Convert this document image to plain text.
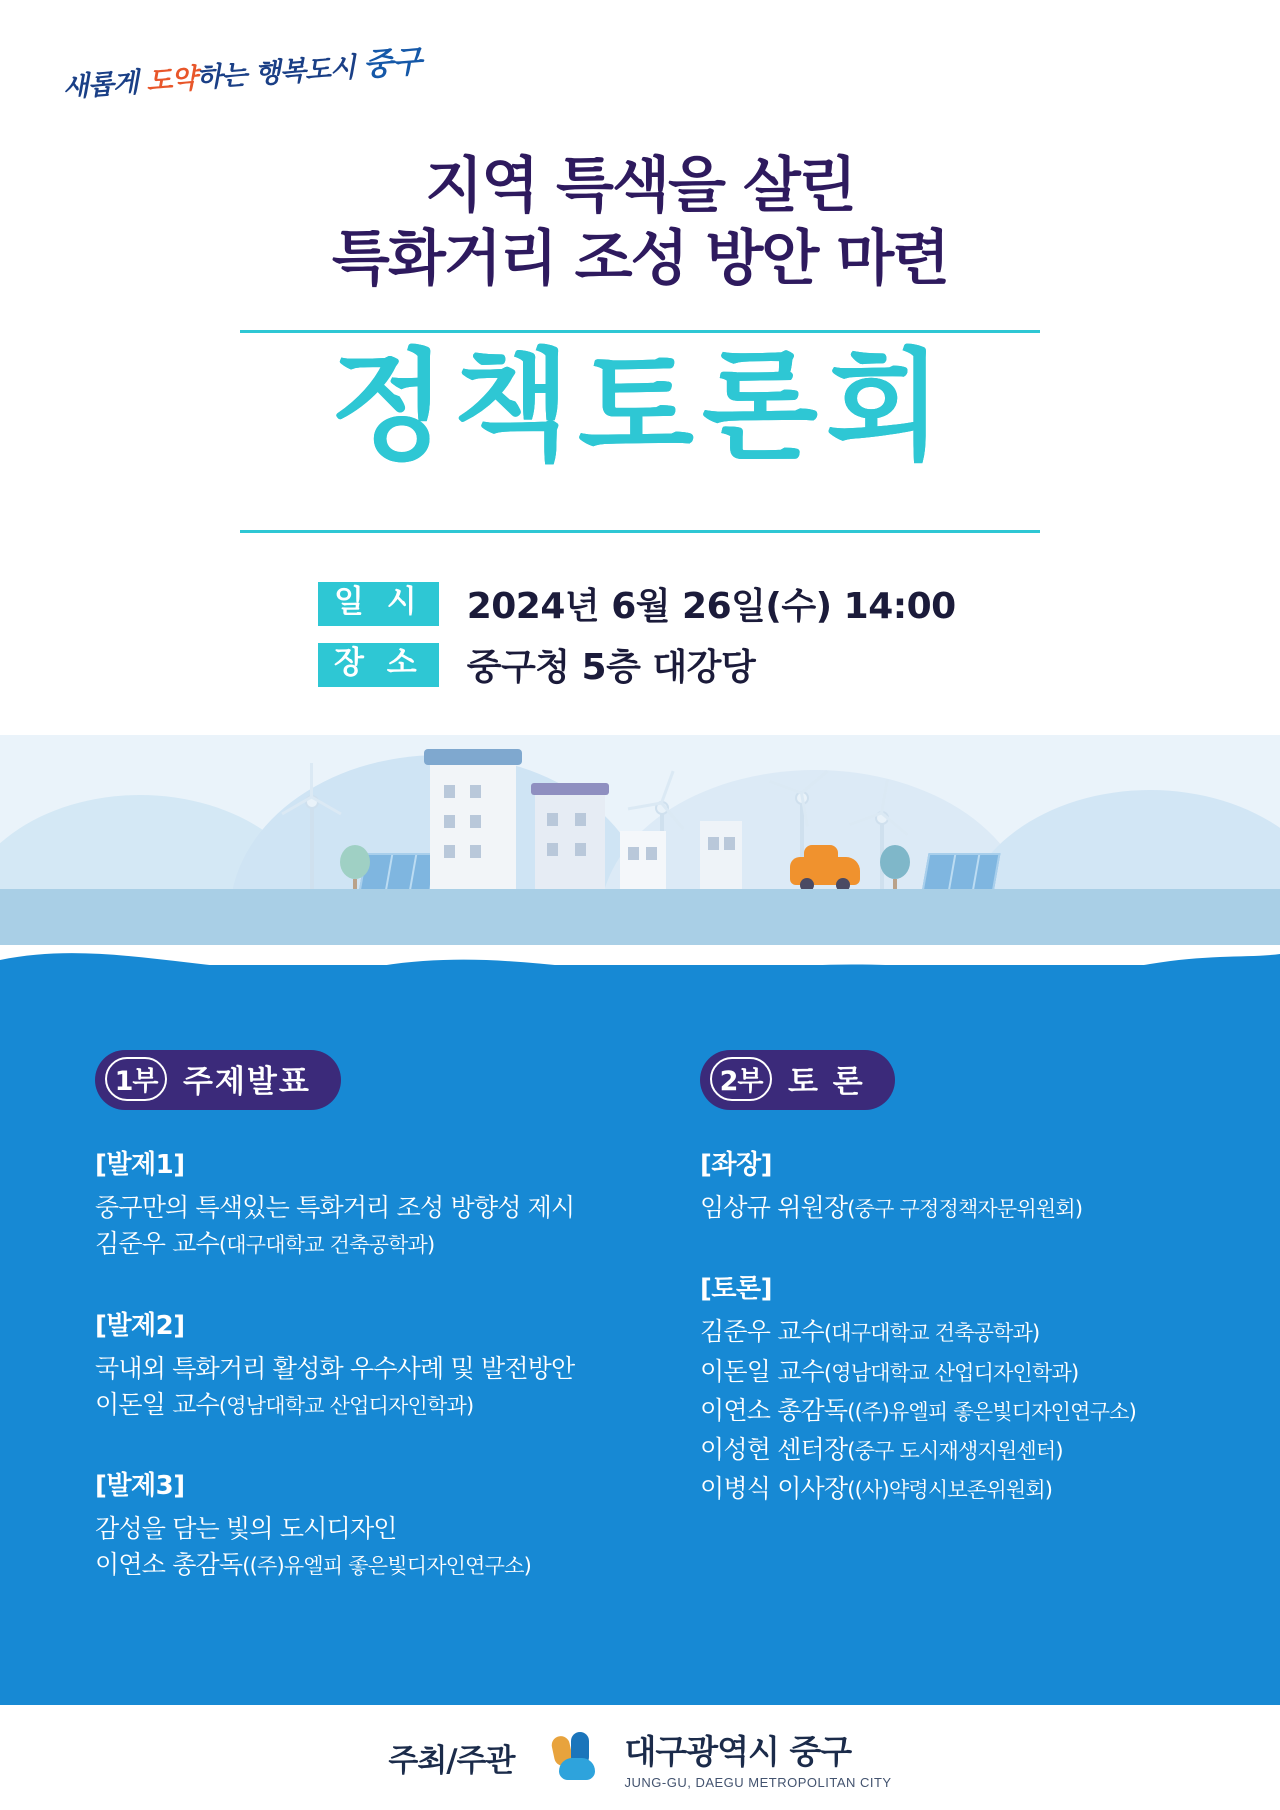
새롭게 도약하는 행복도시 중구
지역 특색을 살린
특화거리 조성 방안 마련
정책토론회
일 시	2024년 6월 26일(수) 14:00
장 소	중구청 5층 대강당
1부 주제발표
[발제1]
중구만의 특색있는 특화거리 조성 방향성 제시
김준우 교수(대구대학교 건축공학과)
[발제2]
국내외 특화거리 활성화 우수사례 및 발전방안
이돈일 교수(영남대학교 산업디자인학과)
[발제3]
감성을 담는 빛의 도시디자인
이연소 총감독((주)유엘피 좋은빛디자인연구소)
2부 토 론
[좌장]
임상규 위원장(중구 구정정책자문위원회)
[토론]
김준우 교수(대구대학교 건축공학과)
이돈일 교수(영남대학교 산업디자인학과)
이연소 총감독((주)유엘피 좋은빛디자인연구소)
이성현 센터장(중구 도시재생지원센터)
이병식 이사장((사)약령시보존위원회)
주최/주관	대구광역시 중구
JUNG-GU, DAEGU METROPOLITAN CITY
